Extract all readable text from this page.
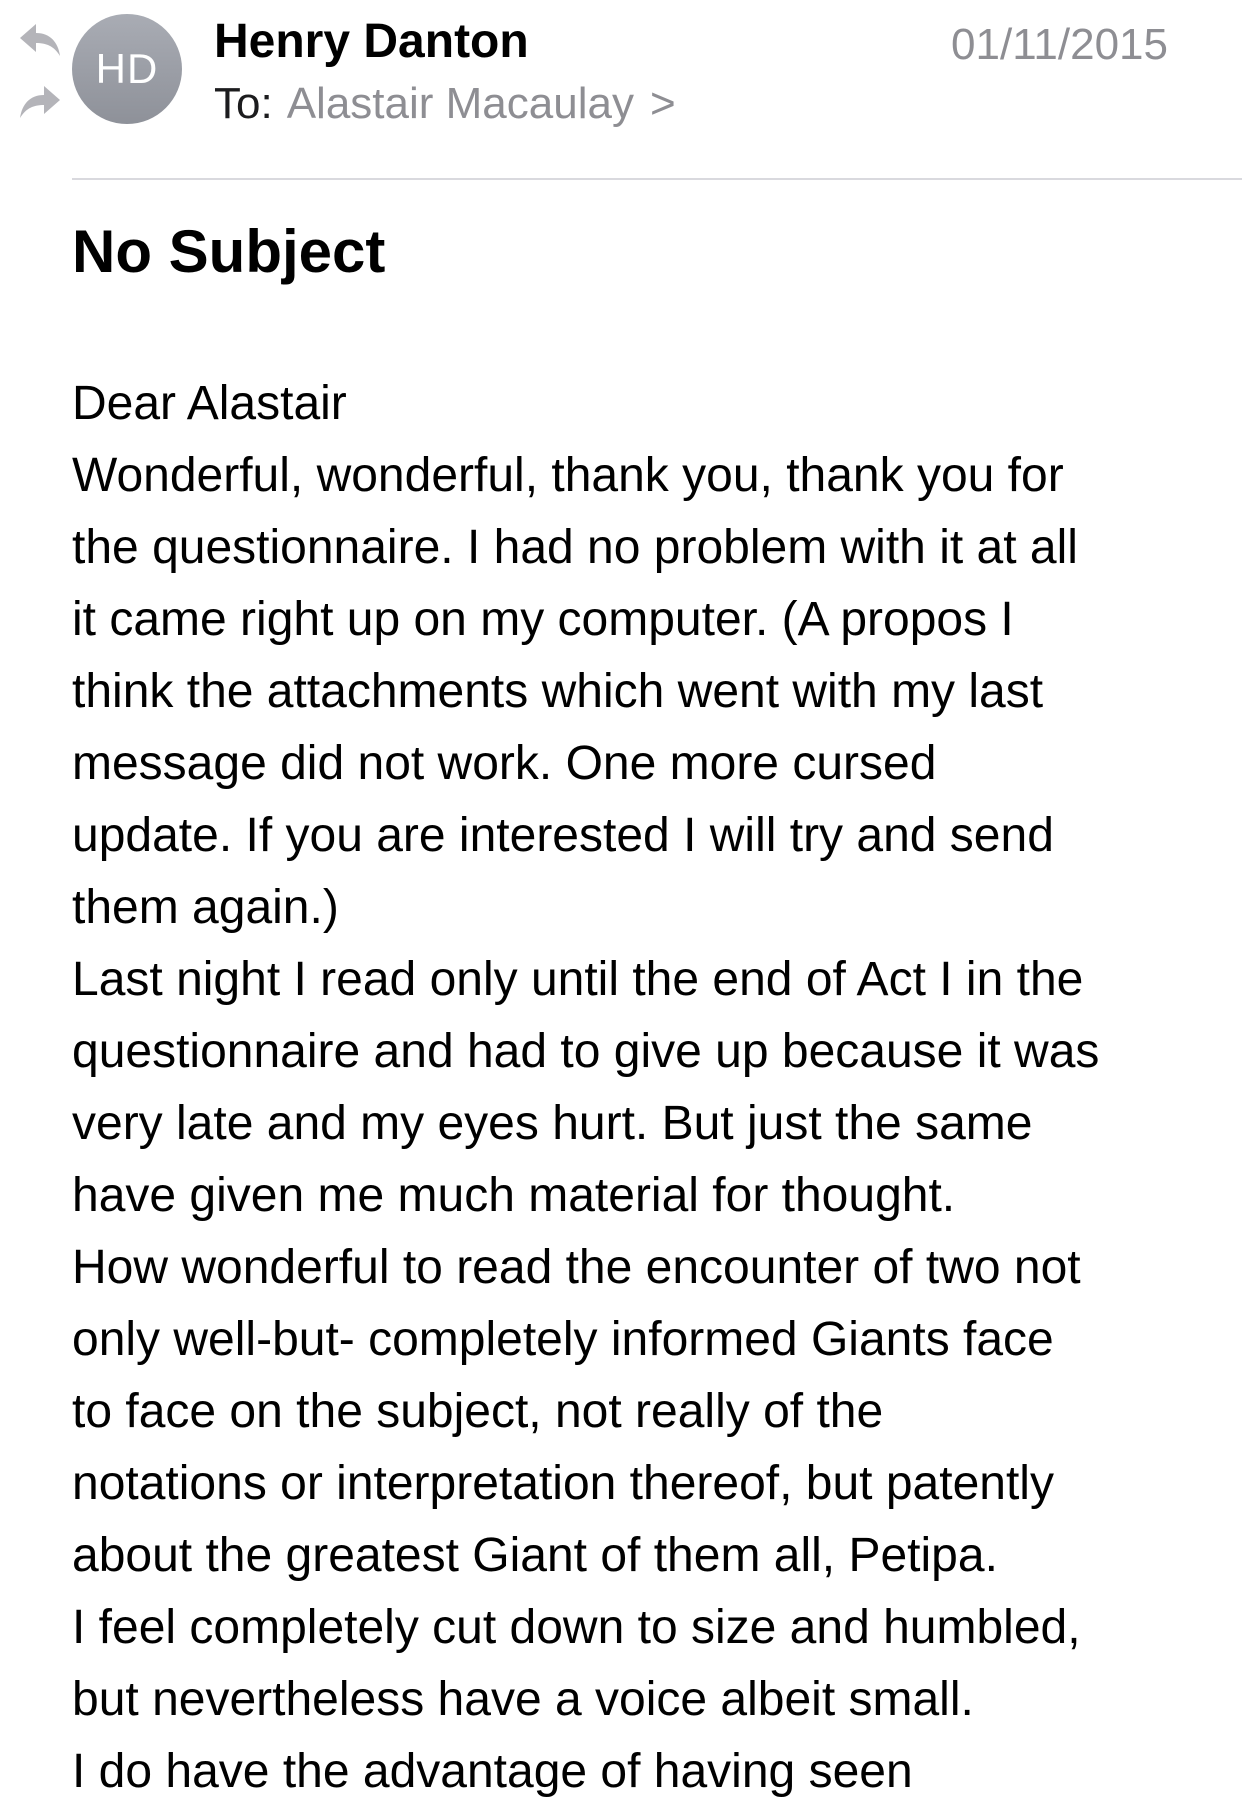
HD
Henry Danton
To: Alastair Macaulay >
01/11/2015
No Subject
Dear Alastair
Wonderful, wonderful, thank you, thank you for
the questionnaire. I had no problem with it at all
it came right up on my computer. (A propos I
think the attachments which went with my last
message did not work. One more cursed
update. If you are interested I will try and send
them again.)
Last night I read only until the end of Act I in the
questionnaire and had to give up because it was
very late and my eyes hurt. But just the same
have given me much material for thought.
How wonderful to read the encounter of two not
only well-but- completely informed Giants face
to face on the subject, not really of the
notations or interpretation thereof, but patently
about the greatest Giant of them all, Petipa.
I feel completely cut down to size and humbled,
but nevertheless have a voice albeit small.
I do have the advantage of having seen
